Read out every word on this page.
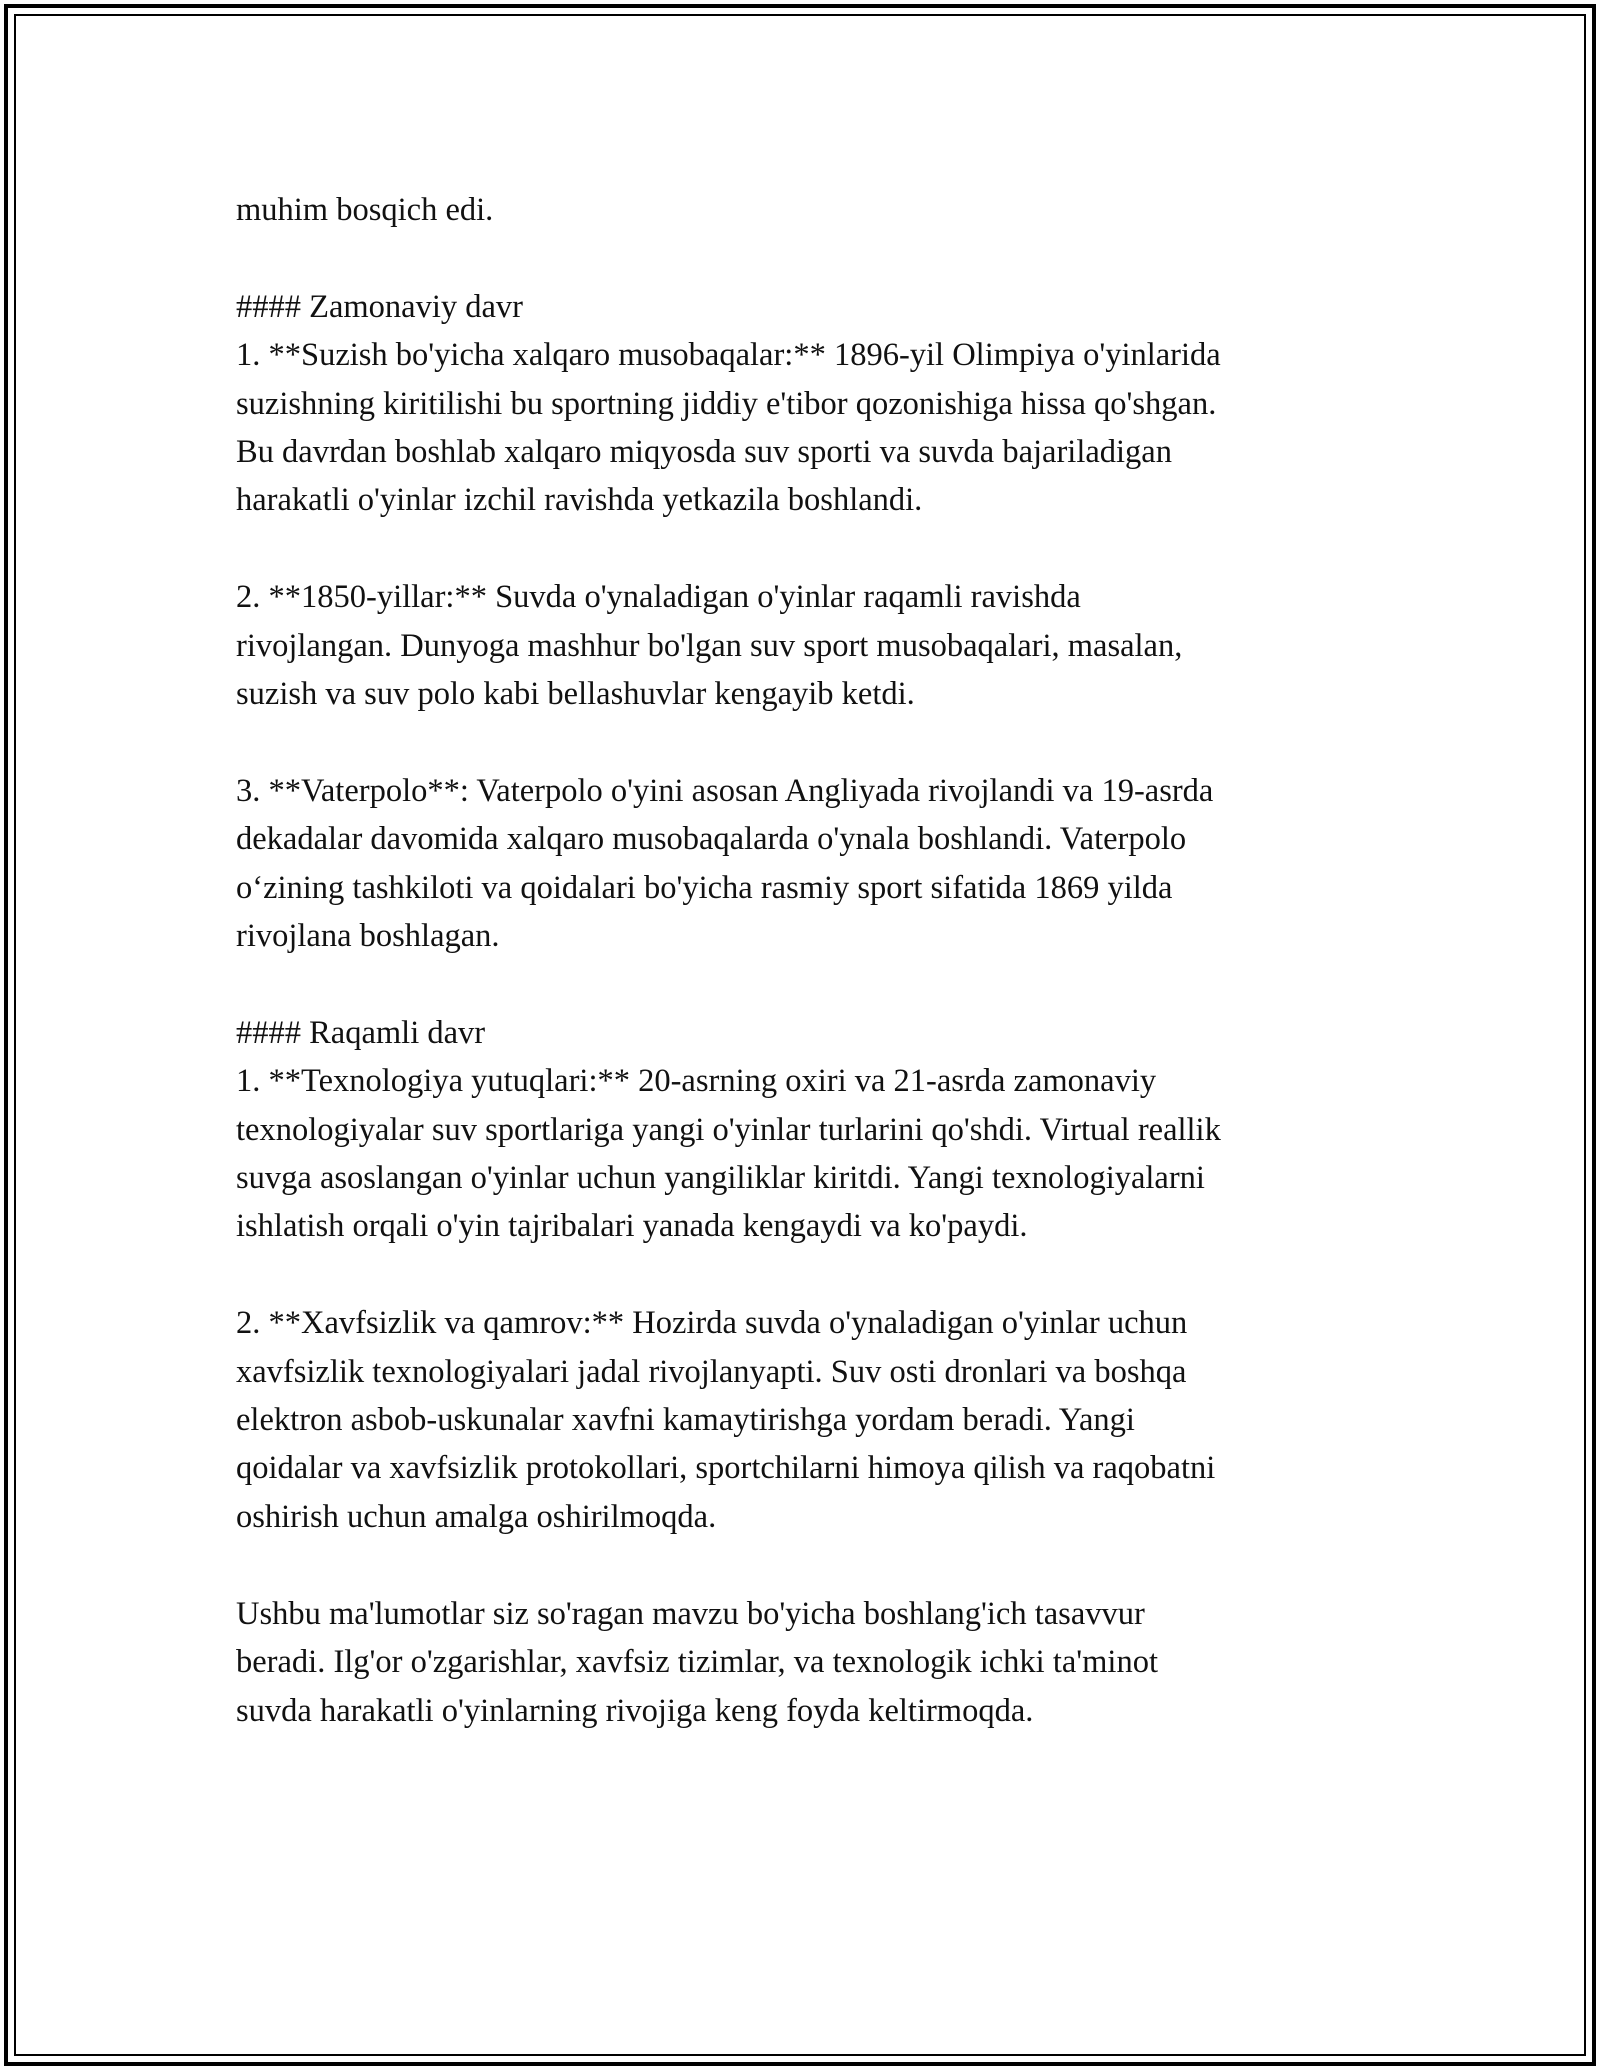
muhim bosqich edi.

#### Zamonaviy davr

1. **Suzish bo'yicha xalqaro musobaqalar:** 1896-yil Olimpiya o'yinlarida
suzishning kiritilishi bu sportning jiddiy e'tibor qozonishiga hissa qo'shgan.
Bu davrdan boshlab xalqaro miqyosda suv sporti va suvda bajariladigan
harakatli o'yinlar izchil ravishda yetkazila boshlandi.

2. **1850-yillar:** Suvda o'ynaladigan o'yinlar raqamli ravishda
rivojlangan. Dunyoga mashhur bo'lgan suv sport musobaqalari, masalan,
suzish va suv polo kabi bellashuvlar kengayib ketdi.

3. **Vaterpolo**: Vaterpolo o'yini asosan Angliyada rivojlandi va 19-asrda
dekadalar davomida xalqaro musobaqalarda o'ynala boshlandi. Vaterpolo
o‘zining tashkiloti va qoidalari bo'yicha rasmiy sport sifatida 1869 yilda
rivojlana boshlagan.

#### Raqamli davr

1. **Texnologiya yutuqlari:** 20-asrning oxiri va 21-asrda zamonaviy
texnologiyalar suv sportlariga yangi o'yinlar turlarini qo'shdi. Virtual reallik
suvga asoslangan o'yinlar uchun yangiliklar kiritdi. Yangi texnologiyalarni
ishlatish orqali o'yin tajribalari yanada kengaydi va ko'paydi.

2. **Xavfsizlik va qamrov:** Hozirda suvda o'ynaladigan o'yinlar uchun
xavfsizlik texnologiyalari jadal rivojlanyapti. Suv osti dronlari va boshqa
elektron asbob-uskunalar xavfni kamaytirishga yordam beradi. Yangi
qoidalar va xavfsizlik protokollari, sportchilarni himoya qilish va raqobatni
oshirish uchun amalga oshirilmoqda.

Ushbu ma'lumotlar siz so'ragan mavzu bo'yicha boshlang'ich tasavvur
beradi. Ilg'or o'zgarishlar, xavfsiz tizimlar, va texnologik ichki ta'minot
suvda harakatli o'yinlarning rivojiga keng foyda keltirmoqda.
